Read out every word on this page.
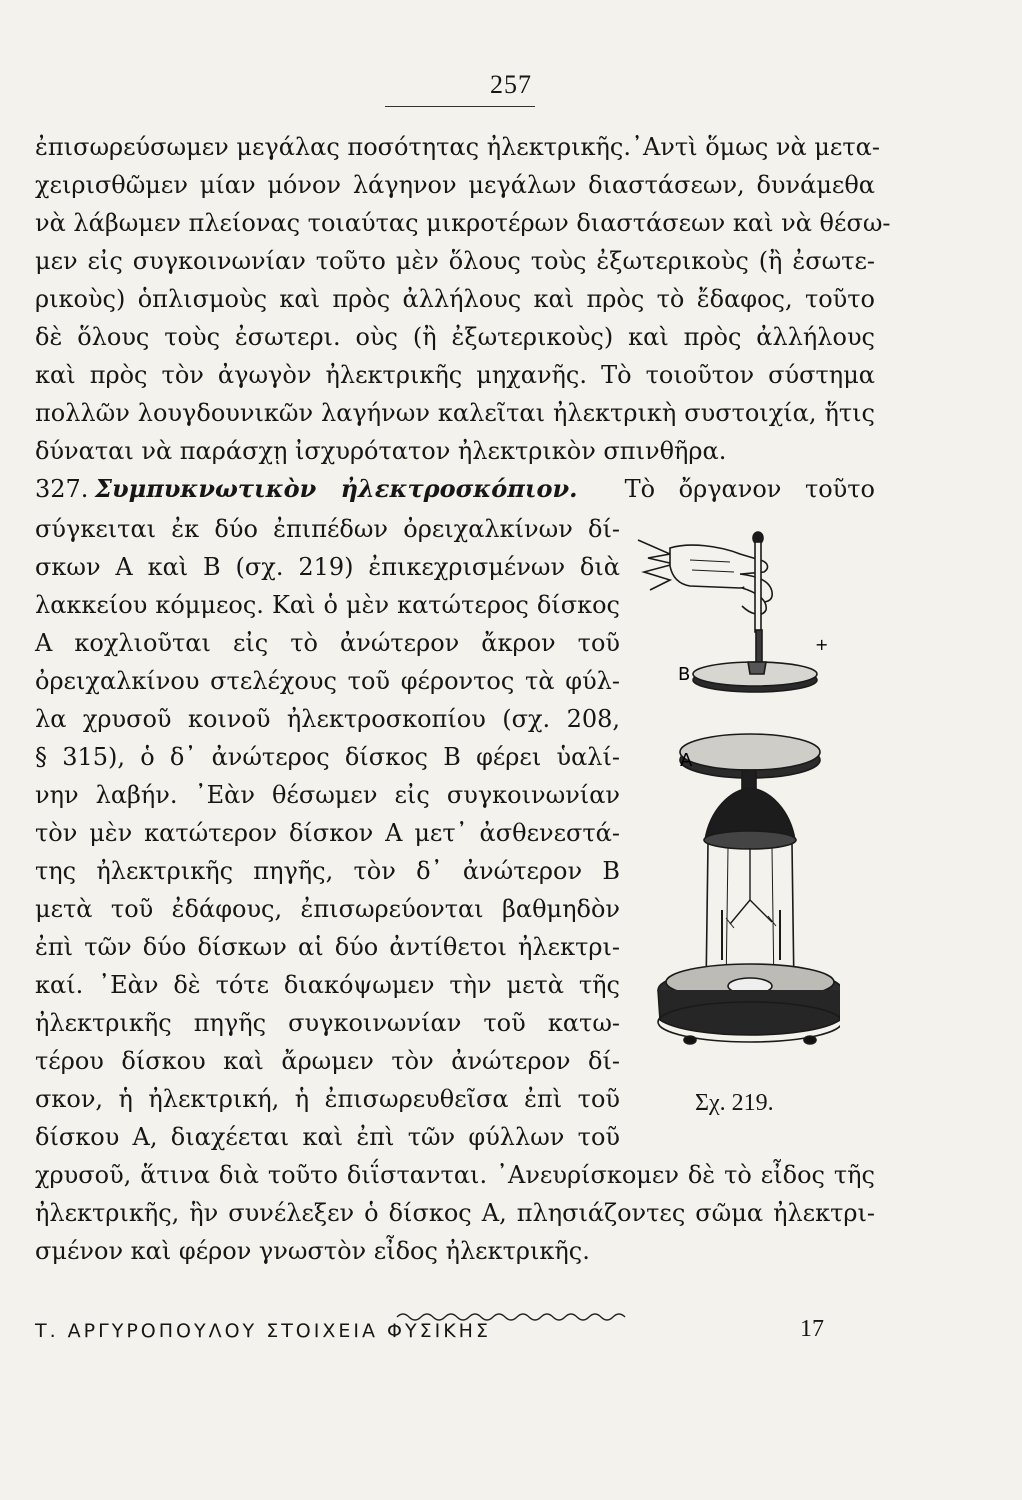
257
ἐπισωρεύσωμεν μεγάλας ποσότητας ἠλεκτρικῆς.᾽Αντὶ ὅμως νὰ μετα-
χειρισθῶμεν μίαν μόνον λάγηνον μεγάλων διαστάσεων, δυνάμεθα
νὰ λάβωμεν πλείονας τοιαύτας μικροτέρων διαστάσεων καὶ νὰ θέσω-
μεν εἰς συγκοινωνίαν τοῦτο μὲν ὅλους τοὺς ἐξωτερικοὺς (ἢ ἐσωτε-
ρικοὺς) ὁπλισμοὺς καὶ πρὸς ἀλλήλους καὶ πρὸς τὸ ἔδαφος, τοῦτο
δὲ ὅλους τοὺς ἐσωτερι. οὺς (ἢ ἐξωτερικοὺς) καὶ πρὸς ἀλλήλους
καὶ πρὸς τὸν ἀγωγὸν ἠλεκτρικῆς μηχανῆς. Τὸ τοιοῦτον σύστημα
πολλῶν λουγδουνικῶν λαγήνων καλεῖται ἠλεκτρικὴ συστοιχία, ἥτις
δύναται νὰ παράσχῃ ἰσχυρότατον ἠλεκτρικὸν σπινθῆρα.
327. Συμπυκνωτικὸν ἠλεκτροσκόπιον. Τὸ ὄργανον τοῦτο
σύγκειται ἐκ δύο ἐπιπέδων ὀρειχαλκίνων δί-
σκων Α καὶ Β (σχ. 219) ἐπικεχρισμένων διὰ
λακκείου κόμμεος. Καὶ ὁ μὲν κατώτερος δίσκος
Α κοχλιοῦται εἰς τὸ ἀνώτερον ἄκρον τοῦ
ὀρειχαλκίνου στελέχους τοῦ φέροντος τὰ φύλ-
λα χρυσοῦ κοινοῦ ἠλεκτροσκοπίου (σχ. 208,
§ 315), ὁ δ᾽ ἀνώτερος δίσκος Β φέρει ὑαλί-
νην λαβήν. ᾽Εὰν θέσωμεν εἰς συγκοινωνίαν
τὸν μὲν κατώτερον δίσκον Α μετ᾽ ἀσθενεστά-
της ἠλεκτρικῆς πηγῆς, τὸν δ᾽ ἀνώτερον Β
μετὰ τοῦ ἐδάφους, ἐπισωρεύονται βαθμηδὸν
ἐπὶ τῶν δύο δίσκων αἱ δύο ἀντίθετοι ἠλεκτρι-
καί. ᾽Εὰν δὲ τότε διακόψωμεν τὴν μετὰ τῆς
ἠλεκτρικῆς πηγῆς συγκοινωνίαν τοῦ κατω-
τέρου δίσκου καὶ ἄρωμεν τὸν ἀνώτερον δί-
σκον, ἡ ἠλεκτρική, ἡ ἐπισωρευθεῖσα ἐπὶ τοῦ
δίσκου Α, διαχέεται καὶ ἐπὶ τῶν φύλλων τοῦ
χρυσοῦ, ἅτινα διὰ τοῦτο διΐστανται. ᾽Ανευρίσκομεν δὲ τὸ εἶδος τῆς
ἠλεκτρικῆς, ἣν συνέλεξεν ὁ δίσκος Α, πλησιάζοντες σῶμα ἠλεκτρι-
σμένον καὶ φέρον γνωστὸν εἶδος ἠλεκτρικῆς.
+
Β
Α
Σχ. 219.
Τ. ΑΡΓΥΡΟΠΟΥΛΟΥ ΣΤΟΙΧΕΙΑ ΦΥΣΙΚΗΣ	17
